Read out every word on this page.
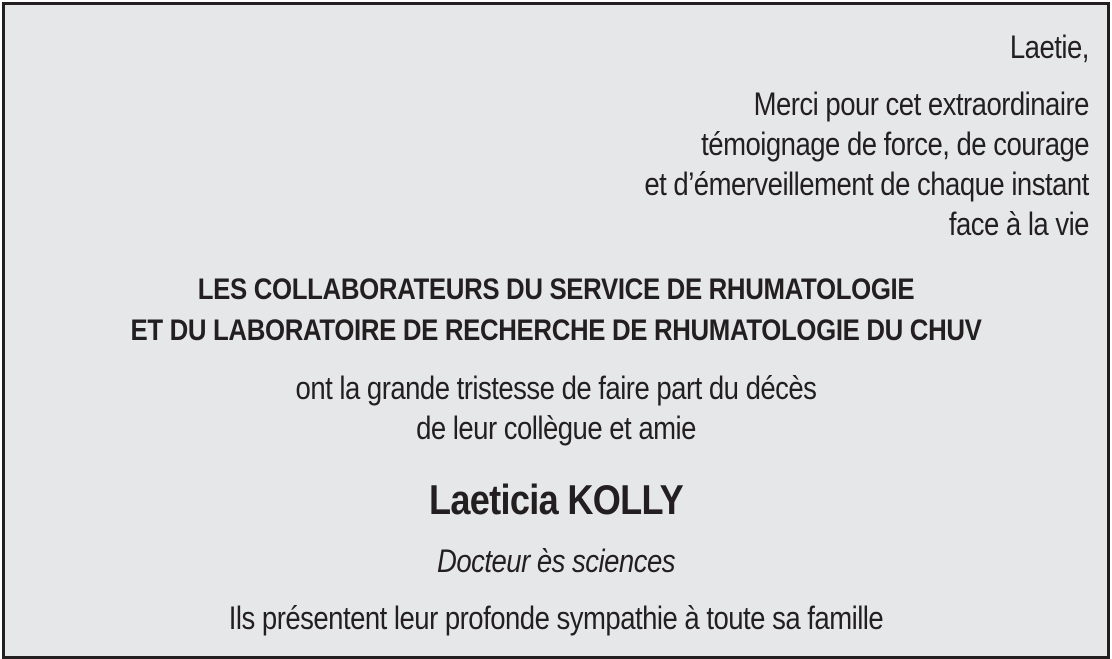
Laetie,
Merci pour cet extraordinaire
témoignage de force, de courage
et d’émerveillement de chaque instant
face à la vie
LES COLLABORATEURS DU SERVICE DE RHUMATOLOGIE
ET DU LABORATOIRE DE RECHERCHE DE RHUMATOLOGIE DU CHUV
ont la grande tristesse de faire part du décès
de leur collègue et amie
Laeticia KOLLY
Docteur ès sciences
Ils présentent leur profonde sympathie à toute sa famille
